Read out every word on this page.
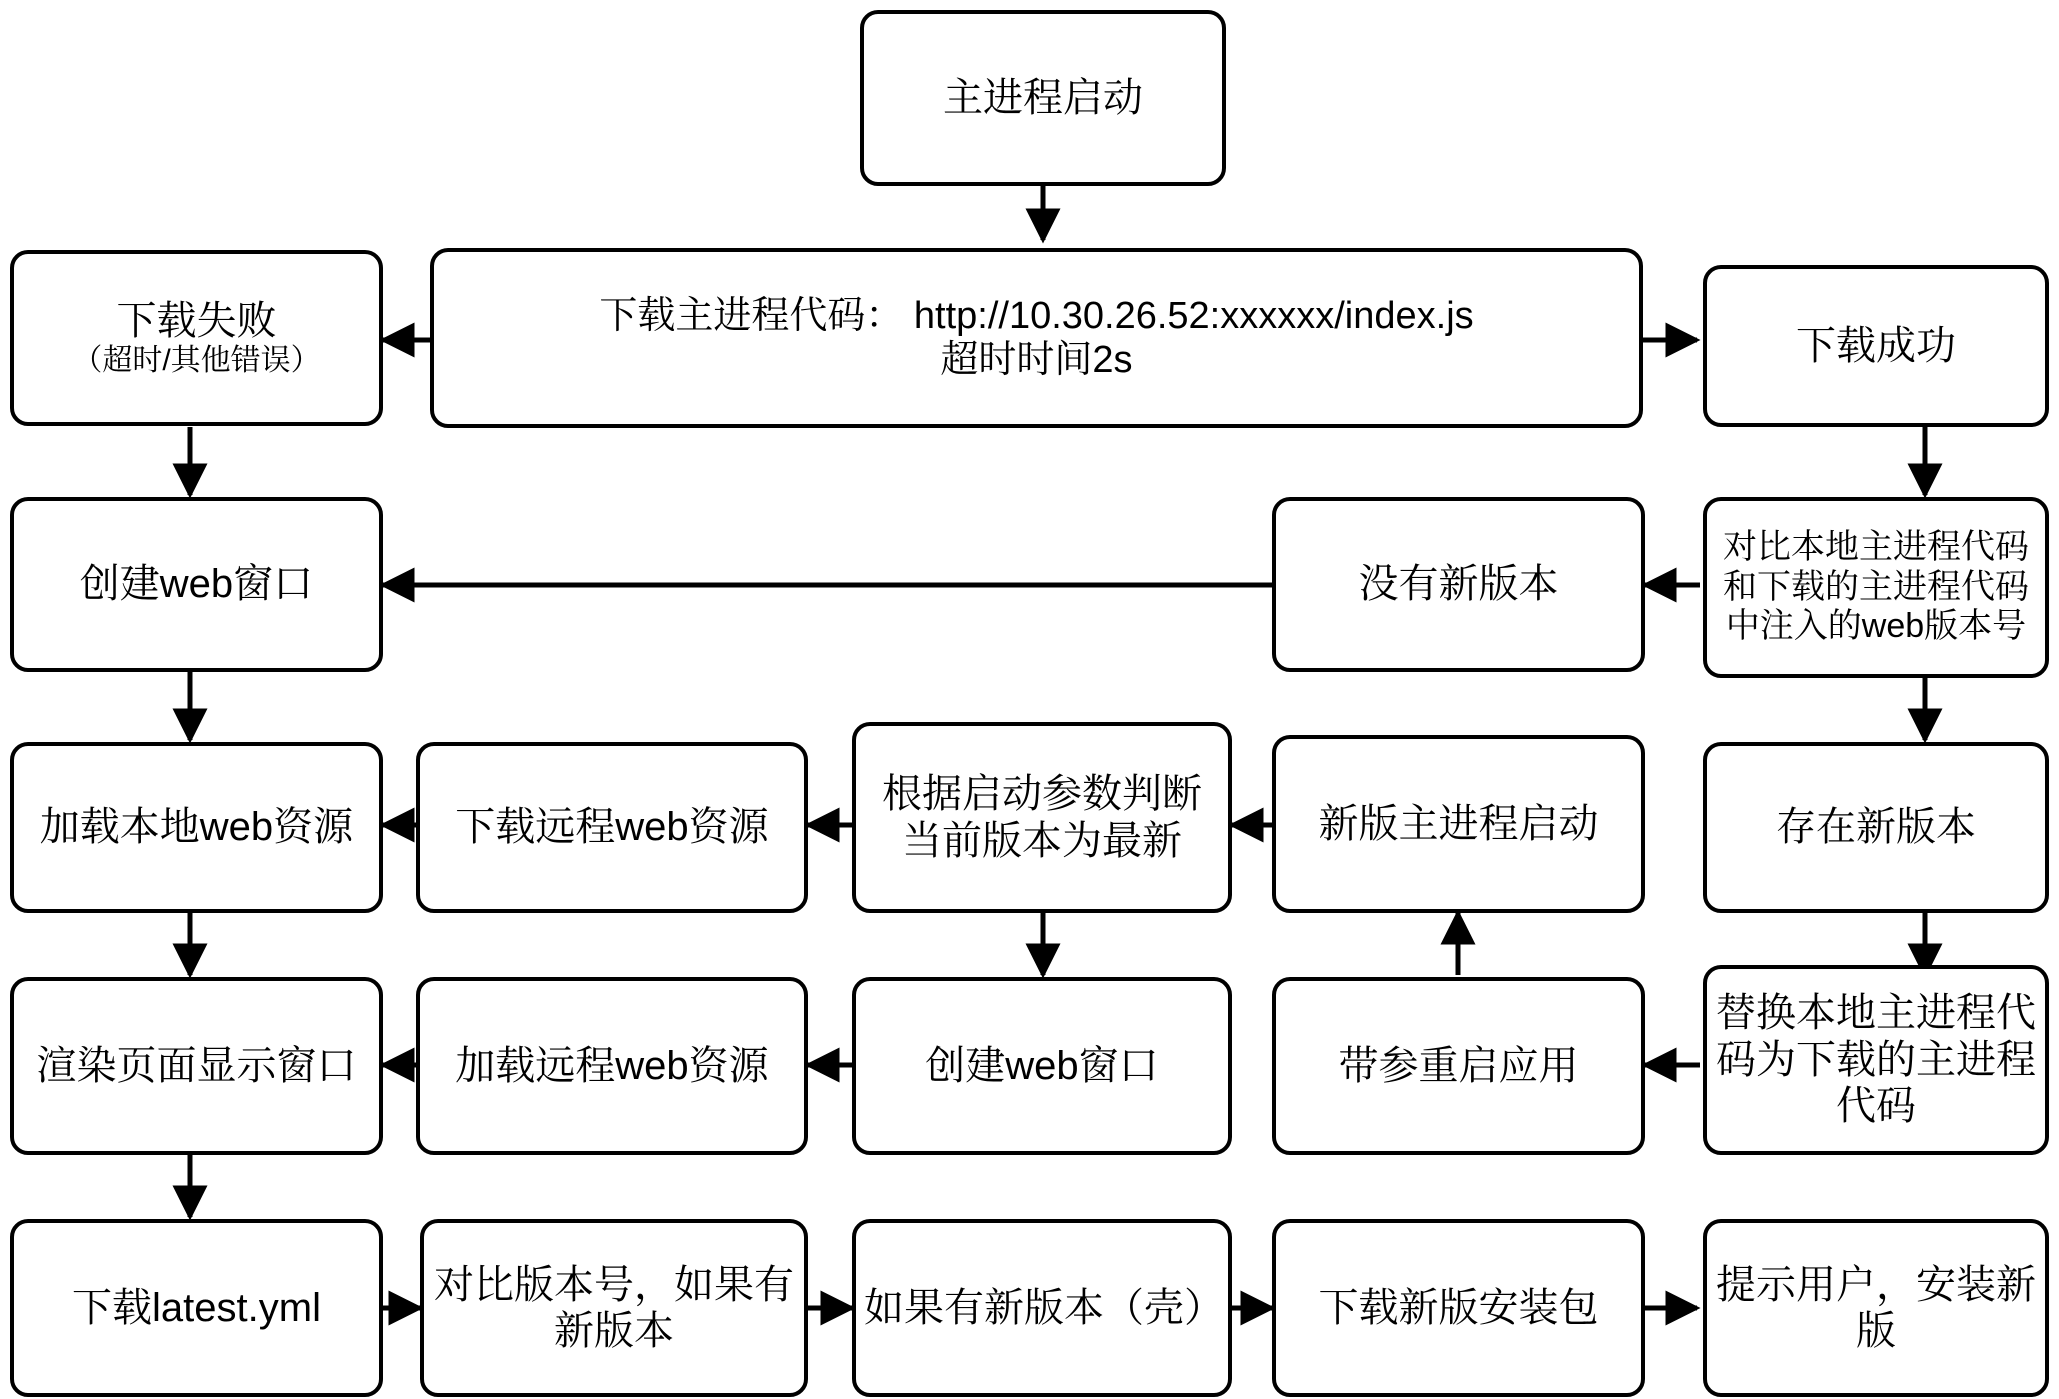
主进程启动
下载主进程代码： http://10.30.26.52:xxxxxx/index.js
超时时间2s
下载失败
（超时/其他错误）	下载成功
创建web窗口	没有新版本
对比本地主进程代码和下载的主进程代码中注入的web版本号
加载本地web资源	下载远程web资源
根据启动参数判断当前版本为最新	新版主进程启动	存在新版本
渲染页面显示窗口	加载远程web资源	创建web窗口	带参重启应用
替换本地主进程代码为下载的主进程代码
下载latest.yml
对比版本号，如果有新版本
如果有新版本（壳）	下载新版安装包
提示用户，安装新版
